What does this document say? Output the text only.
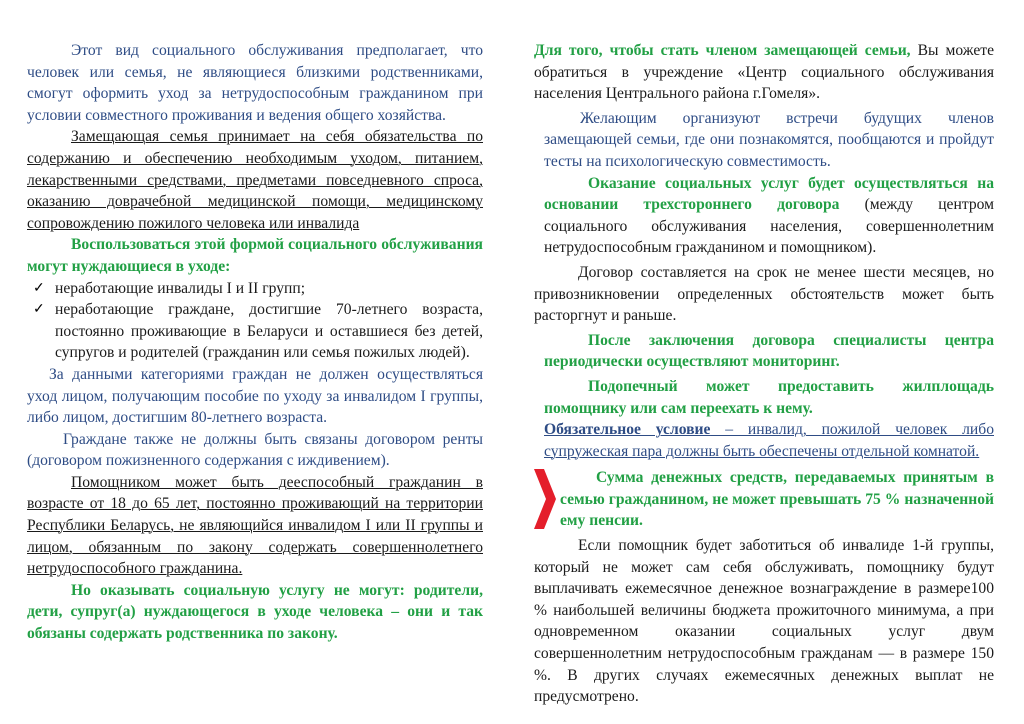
Этот вид социального обслуживания предполагает, что человек или семья, не являющиеся близкими родственниками, смогут оформить уход за нетрудоспособным гражданином при условии совместного проживания и ведения общего хозяйства.

Замещающая семья принимает на себя обязательства по содержанию и обеспечению необходимым уходом, питанием, лекарственными средствами, предметами повседневного спроса, оказанию доврачебной медицинской помощи, медицинскому сопровождению пожилого человека или инвалида

Воспользоваться этой формой социального обслуживания могут нуждающиеся в уходе:

✓ неработающие инвалиды I и II групп;
✓ неработающие граждане, достигшие 70-летнего возраста, постоянно проживающие в Беларуси и оставшиеся без детей, супругов и родителей (гражданин или семья пожилых людей).

За данными категориями граждан не должен осуществляться уход лицом, получающим пособие по уходу за инвалидом I группы, либо лицом, достигшим 80-летнего возраста.

Граждане также не должны быть связаны договором ренты (договором пожизненного содержания с иждивением).

Помощником может быть дееспособный гражданин в возрасте от 18 до 65 лет, постоянно проживающий на территории Республики Беларусь, не являющийся инвалидом I или II группы и лицом, обязанным по закону содержать совершеннолетнего нетрудоспособного гражданина.

Но оказывать социальную услугу не могут: родители, дети, супруг(а) нуждающегося в уходе человека – они и так обязаны содержать родственника по закону.

Для того, чтобы стать членом замещающей семьи, Вы можете обратиться в учреждение «Центр социального обслуживания населения Центрального района г.Гомеля».

Желающим организуют встречи будущих членов замещающей семьи, где они познакомятся, пообщаются и пройдут тесты на психологическую совместимость.

Оказание социальных услуг будет осуществляться на основании трехстороннего договора (между центром социального обслуживания населения, совершеннолетним нетрудоспособным гражданином и помощником).

Договор составляется на срок не менее шести месяцев, но привозникновении определенных обстоятельств может быть расторгнут и раньше.

После заключения договора специалисты центра периодически осуществляют мониторинг.

Подопечный может предоставить жилплощадь помощнику или сам переехать к нему.

Обязательное условие – инвалид, пожилой человек либо супружеская пара должны быть обеспечены отдельной комнатой.

Сумма денежных средств, передаваемых принятым в семью гражданином, не может превышать 75 % назначенной ему пенсии.

Если помощник будет заботиться об инвалиде 1-й группы, который не может сам себя обслуживать, помощнику будут выплачивать ежемесячное денежное вознаграждение в размере100 % наибольшей величины бюджета прожиточного минимума, а при одновременном оказании социальных услуг двум совершеннолетним нетрудоспособным гражданам — в размере 150 %. В других случаях ежемесячных денежных выплат не предусмотрено.
